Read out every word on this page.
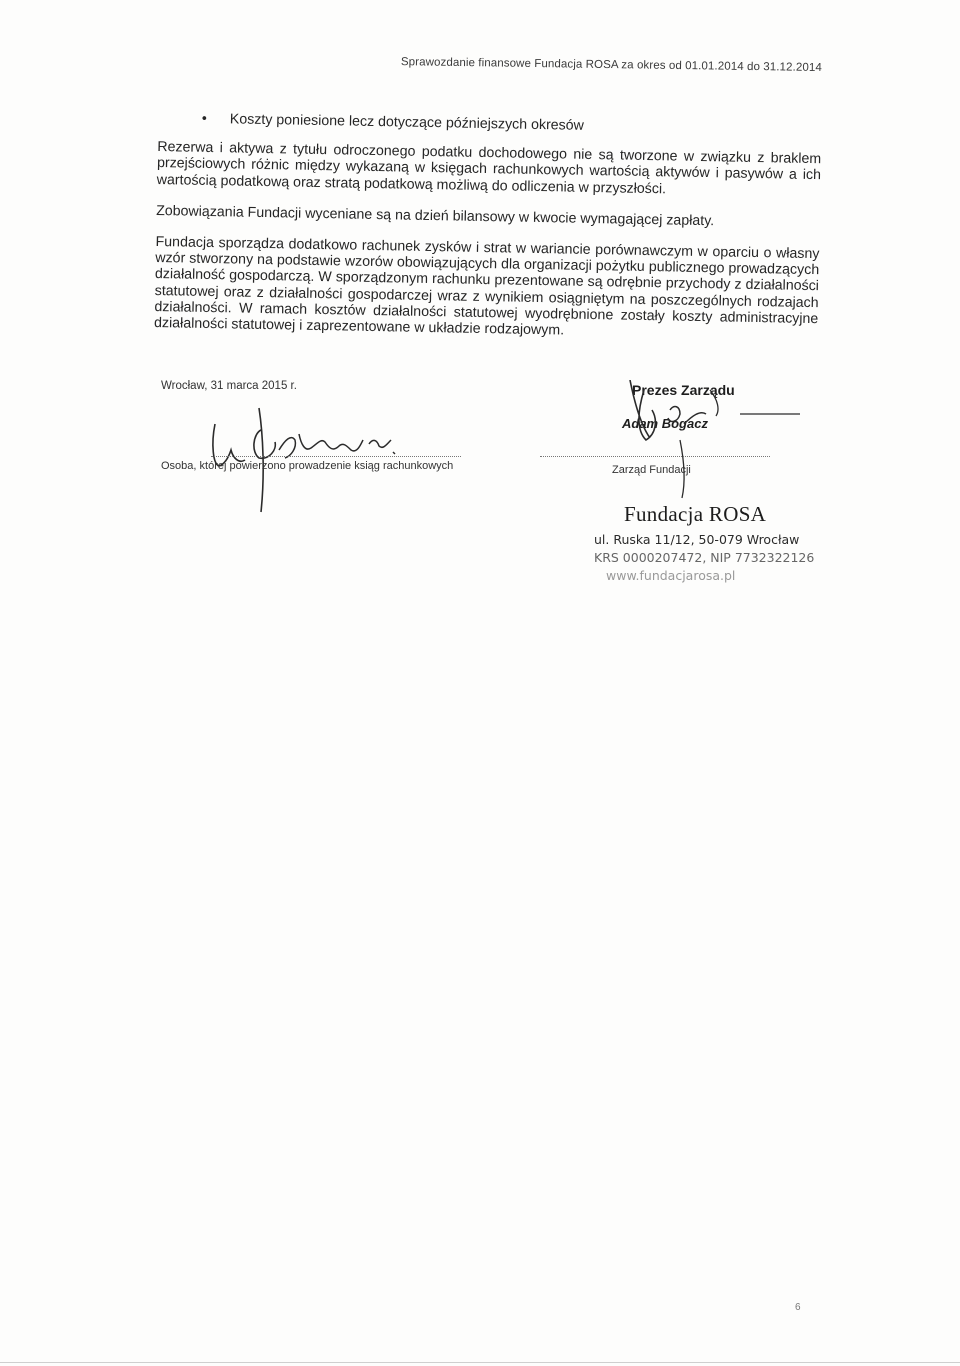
Sprawozdanie finansowe Fundacja ROSA za okres od 01.01.2014 do 31.12.2014
•	Koszty poniesione lecz dotyczące późniejszych okresów

Rezerwa i aktywa z tytułu odroczonego podatku dochodowego nie są tworzone w związku z braklem przejściowych różnic między wykazaną w księgach rachunkowych wartością aktywów i pasywów a ich wartością podatkową oraz stratą podatkową możliwą do odliczenia w przyszłości.

Zobowiązania Fundacji wyceniane są na dzień bilansowy w kwocie wymagającej zapłaty.

Fundacja sporządza dodatkowo rachunek zysków i strat w wariancie porównawczym w oparciu o własny wzór stworzony na podstawie wzorów obowiązujących dla organizacji pożytku publicznego prowadzących działalność gospodarczą. W sporządzonym rachunku prezentowane są odrębnie przychody z działalności statutowej oraz z działalności gospodarczej wraz z wynikiem osiągniętym na poszczególnych rodzajach działalności. W ramach kosztów działalności statutowej wyodrębnione zostały koszty administracyjne działalności statutowej i zaprezentowane w układzie rodzajowym.

Wrocław, 31 marca 2015 r.
Osoba, której powierzono prowadzenie ksiąg rachunkowych
Prezes Zarządu
Adam Bogacz
Zarząd Fundacji
Fundacja ROSA
ul. Ruska 11/12, 50-079 Wrocław
KRS 0000207472, NIP 7732322126
www.fundacjarosa.pl
6
